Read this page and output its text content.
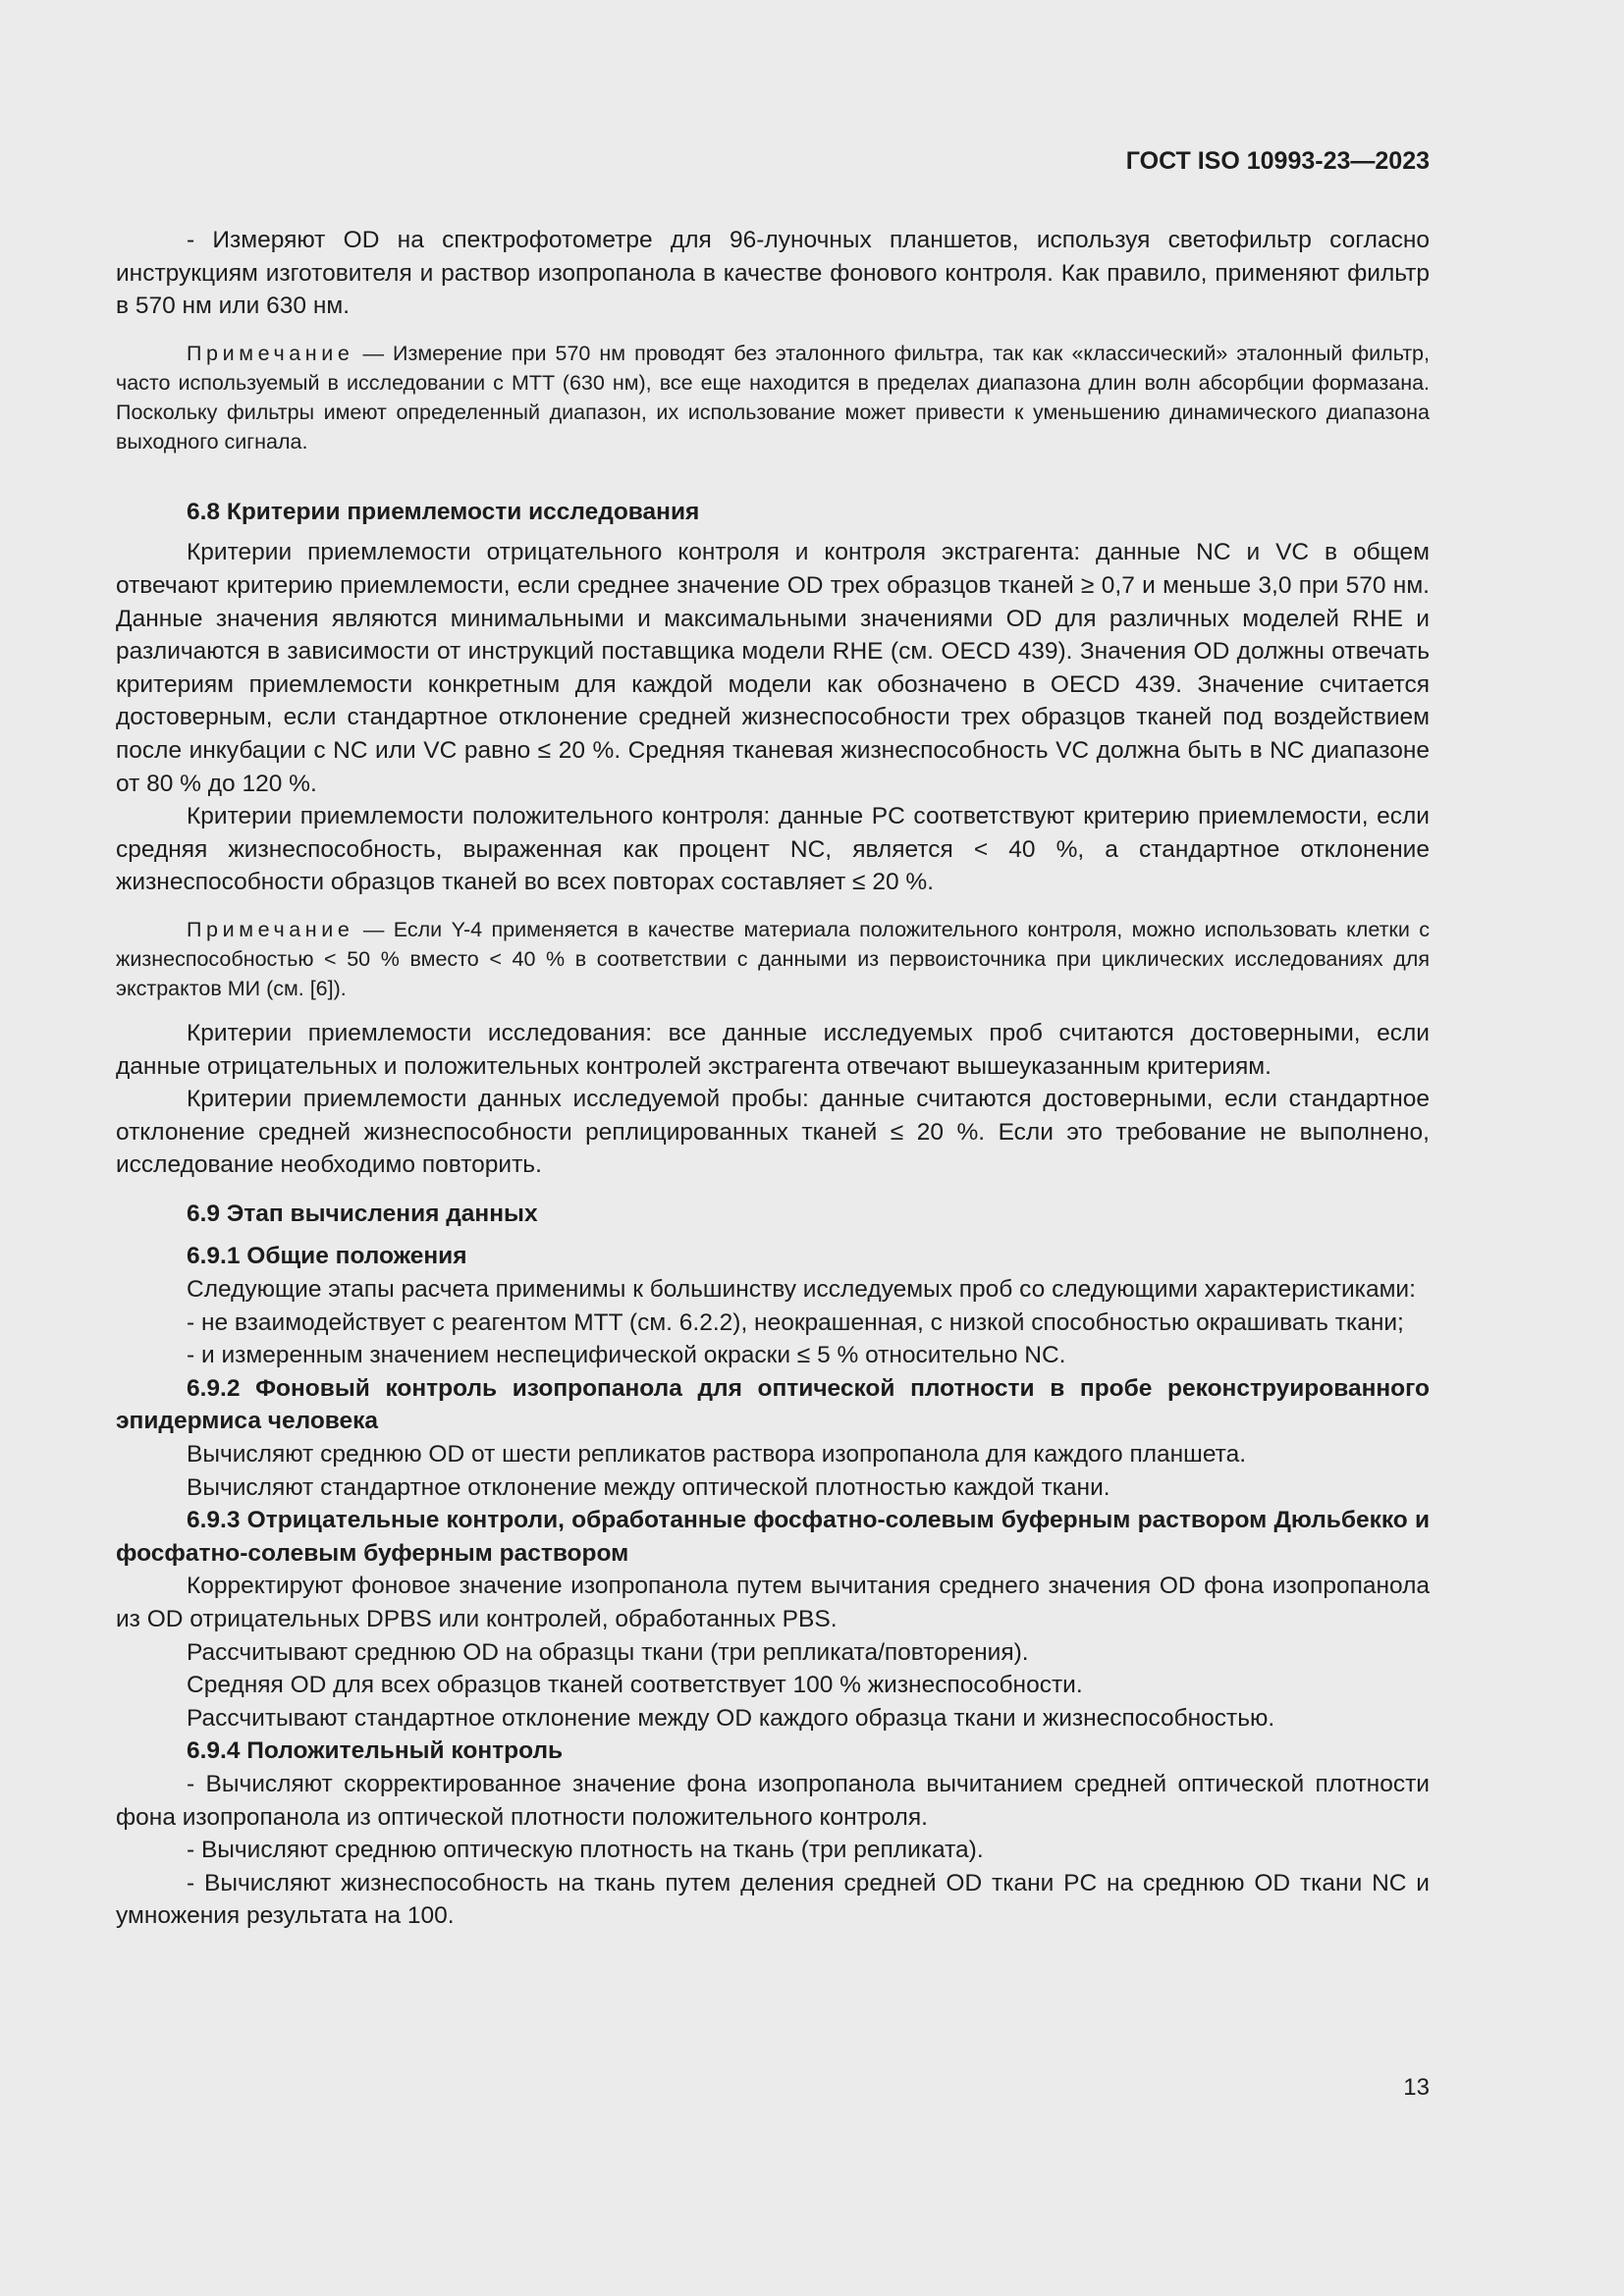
ГОСТ ISO 10993-23—2023

- Измеряют OD на спектрофотометре для 96-луночных планшетов, используя светофильтр согласно инструкциям изготовителя и раствор изопропанола в качестве фонового контроля. Как правило, применяют фильтр в 570 нм или 630 нм.

Примечание — Измерение при 570 нм проводят без эталонного фильтра, так как «классический» эталонный фильтр, часто используемый в исследовании с MTT (630 нм), все еще находится в пределах диапазона длин волн абсорбции формазана. Поскольку фильтры имеют определенный диапазон, их использование может привести к уменьшению динамического диапазона выходного сигнала.

6.8 Критерии приемлемости исследования

Критерии приемлемости отрицательного контроля и контроля экстрагента: данные NC и VC в общем отвечают критерию приемлемости, если среднее значение OD трех образцов тканей ≥ 0,7 и меньше 3,0 при 570 нм. Данные значения являются минимальными и максимальными значениями OD для различных моделей RHE и различаются в зависимости от инструкций поставщика модели RHE (см. OECD 439). Значения OD должны отвечать критериям приемлемости конкретным для каждой модели как обозначено в OECD 439. Значение считается достоверным, если стандартное отклонение средней жизнеспособности трех образцов тканей под воздействием после инкубации с NC или VC равно ≤ 20 %. Средняя тканевая жизнеспособность VC должна быть в NC диапазоне от 80 % до 120 %.

Критерии приемлемости положительного контроля: данные PC соответствуют критерию приемлемости, если средняя жизнеспособность, выраженная как процент NC, является < 40 %, а стандартное отклонение жизнеспособности образцов тканей во всех повторах составляет ≤ 20 %.

Примечание — Если Y-4 применяется в качестве материала положительного контроля, можно использовать клетки с жизнеспособностью < 50 % вместо < 40 % в соответствии с данными из первоисточника при циклических исследованиях для экстрактов МИ (см. [6]).

Критерии приемлемости исследования: все данные исследуемых проб считаются достоверными, если данные отрицательных и положительных контролей экстрагента отвечают вышеуказанным критериям.

Критерии приемлемости данных исследуемой пробы: данные считаются достоверными, если стандартное отклонение средней жизнеспособности реплицированных тканей ≤ 20 %. Если это требование не выполнено, исследование необходимо повторить.

6.9 Этап вычисления данных
6.9.1 Общие положения

Следующие этапы расчета применимы к большинству исследуемых проб со следующими характеристиками:

- не взаимодействует с реагентом MTT (см. 6.2.2), неокрашенная, с низкой способностью окрашивать ткани;

- и измеренным значением неспецифической окраски ≤ 5 % относительно NC.

6.9.2 Фоновый контроль изопропанола для оптической плотности в пробе реконструированного эпидермиса человека

Вычисляют среднюю OD от шести репликатов раствора изопропанола для каждого планшета.

Вычисляют стандартное отклонение между оптической плотностью каждой ткани.

6.9.3 Отрицательные контроли, обработанные фосфатно-солевым буферным раствором Дюльбекко и фосфатно-солевым буферным раствором

Корректируют фоновое значение изопропанола путем вычитания среднего значения OD фона изопропанола из OD отрицательных DPBS или контролей, обработанных PBS.

Рассчитывают среднюю OD на образцы ткани (три репликата/повторения).

Средняя OD для всех образцов тканей соответствует 100 % жизнеспособности.

Рассчитывают стандартное отклонение между OD каждого образца ткани и жизнеспособностью.

6.9.4 Положительный контроль

- Вычисляют скорректированное значение фона изопропанола вычитанием средней оптической плотности фона изопропанола из оптической плотности положительного контроля.

- Вычисляют среднюю оптическую плотность на ткань (три репликата).

- Вычисляют жизнеспособность на ткань путем деления средней OD ткани PC на среднюю OD ткани NC и умножения результата на 100.

13
